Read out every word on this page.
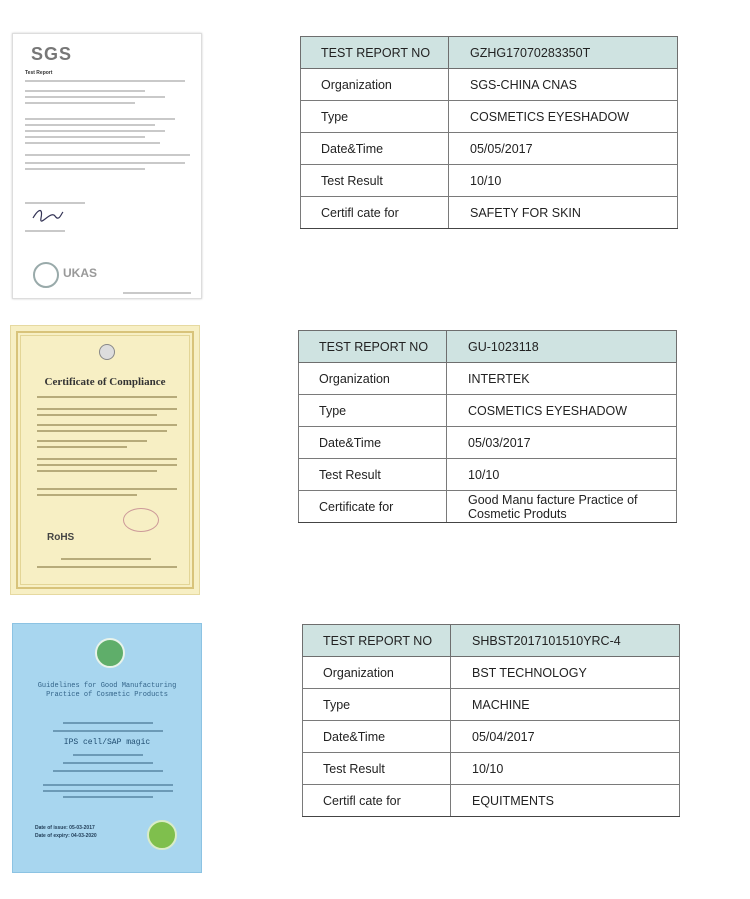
SGS
Test Report
UKAS
Certificate of Compliance
RoHS
Guidelines for Good Manufacturing
Practice of Cosmetic Products
IPS cell/SAP magic
Date of issue: 05-03-2017
Date of expiry: 04-03-2020
TEST REPORT NO	GZHG17070283350T
Organization	SGS-CHINA CNAS
Type	COSMETICS EYESHADOW
Date&Time	05/05/2017
Test Result	10/10
Certifl cate for	SAFETY FOR SKIN
TEST REPORT NO	GU-1023118
Organization	INTERTEK
Type	COSMETICS EYESHADOW
Date&Time	05/03/2017
Test Result	10/10
Certificate for	Good Manu facture Practice of Cosmetic Produts
TEST REPORT NO	SHBST2017101510YRC-4
Organization	BST TECHNOLOGY
Type	MACHINE
Date&Time	05/04/2017
Test Result	10/10
Certifl cate for	EQUITMENTS
